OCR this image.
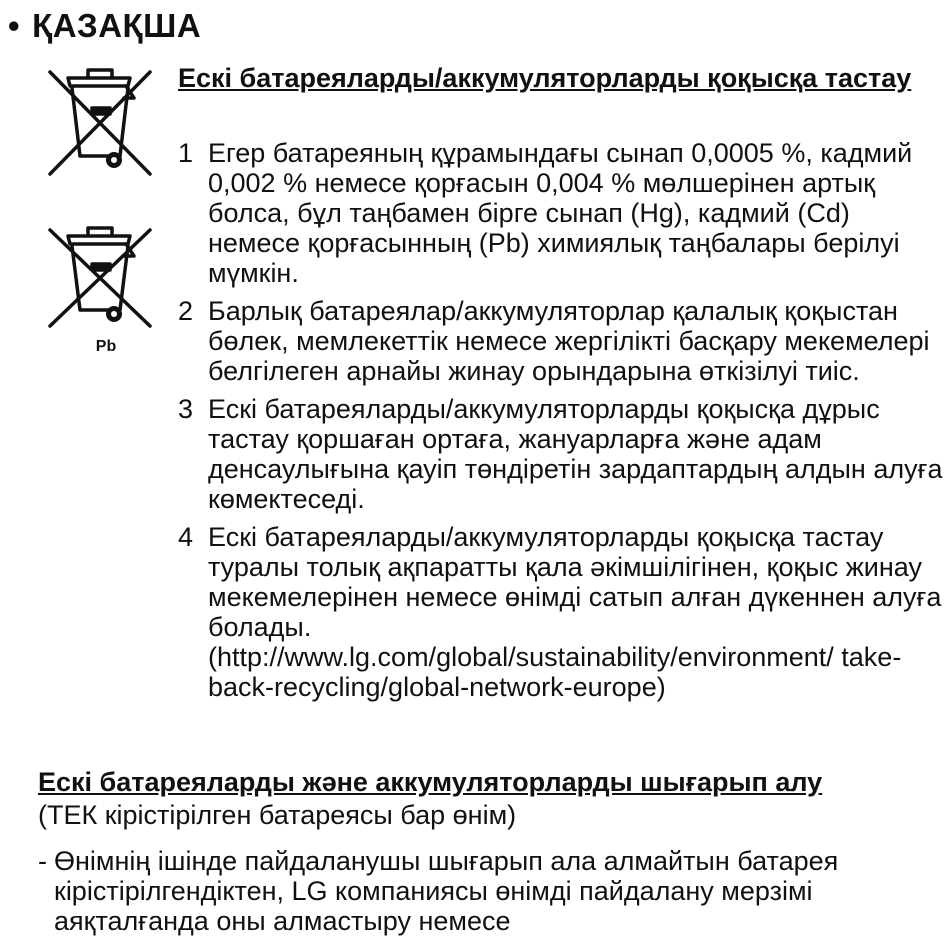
• ҚАЗАҚША
Pb
Ескі батареяларды/аккумуляторларды қоқысқа тастау
1 Егер батареяның құрамындағы сынап 0,0005 %, кадмий 0,002 % немесе қорғасын 0,004 % мөлшерінен артық болса, бұл таңбамен бірге сынап (Hg), кадмий (Cd) немесе қорғасынның (Pb) химиялық таңбалары берілуі мүмкін.
2 Барлық батареялар/аккумуляторлар қалалық қоқыстан бөлек, мемлекеттік немесе жергілікті басқару мекемелері белгілеген арнайы жинау орындарына өткізілуі тиіс.
3 Ескі батареяларды/аккумуляторларды қоқысқа дұрыс тастау қоршаған ортаға, жануарларға және адам денсаулығына қауіп төндіретін зардаптардың алдын алуға көмектеседі.
4 Ескі батареяларды/аккумуляторларды қоқысқа тастау туралы толық ақпаратты қала әкімшілігінен, қоқыс жинау мекемелерінен немесе өнімді сатып алған дүкеннен алуға болады.
(http://www.lg.com/global/sustainability/environment/ take-back-recycling/global-network-europe)
Ескі батареяларды және аккумуляторларды шығарып алу
(ТЕК кірістірілген батареясы бар өнім)
- Өнімнің ішінде пайдаланушы шығарып ала алмайтын батарея кірістірілгендіктен, LG компаниясы өнімді пайдалану мерзімі аяқталғанда оны алмастыру немесе
